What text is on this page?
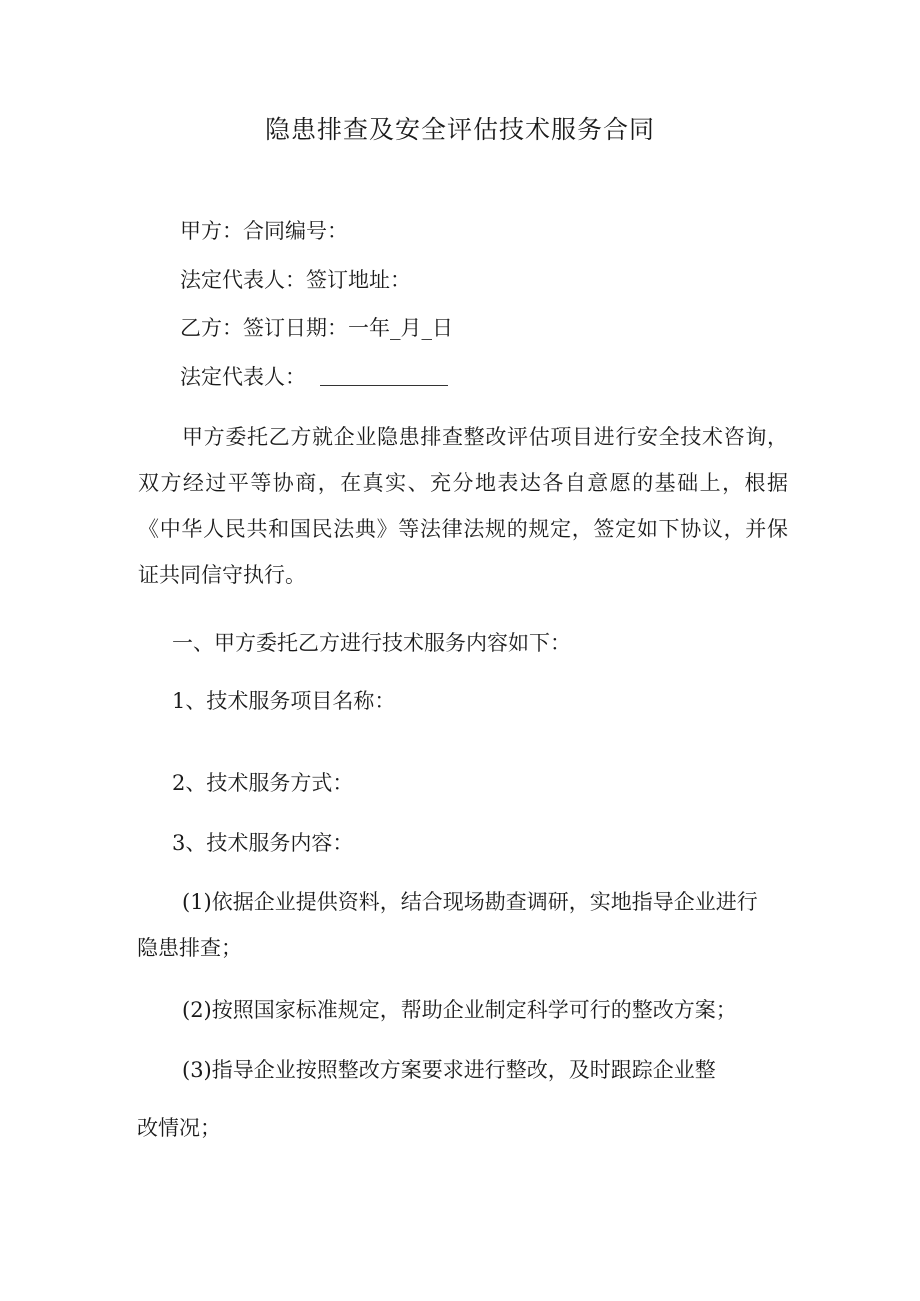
隐患排查及安全评估技术服务合同
甲方：合同编号：
法定代表人：签订地址：
乙方：签订日期：一年_月_日
法定代表人：
甲方委托乙方就企业隐患排查整改评估项目进行安全技术咨询，双方经过平等协商，在真实、充分地表达各自意愿的基础上，根据《中华人民共和国民法典》等法律法规的规定，签定如下协议，并保证共同信守执行。
一、甲方委托乙方进行技术服务内容如下：
1、技术服务项目名称：
2、技术服务方式：
3、技术服务内容：
(1)依据企业提供资料，结合现场勘查调研，实地指导企业进行
隐患排查；
(2)按照国家标准规定，帮助企业制定科学可行的整改方案；
(3)指导企业按照整改方案要求进行整改，及时跟踪企业整
改情况；
